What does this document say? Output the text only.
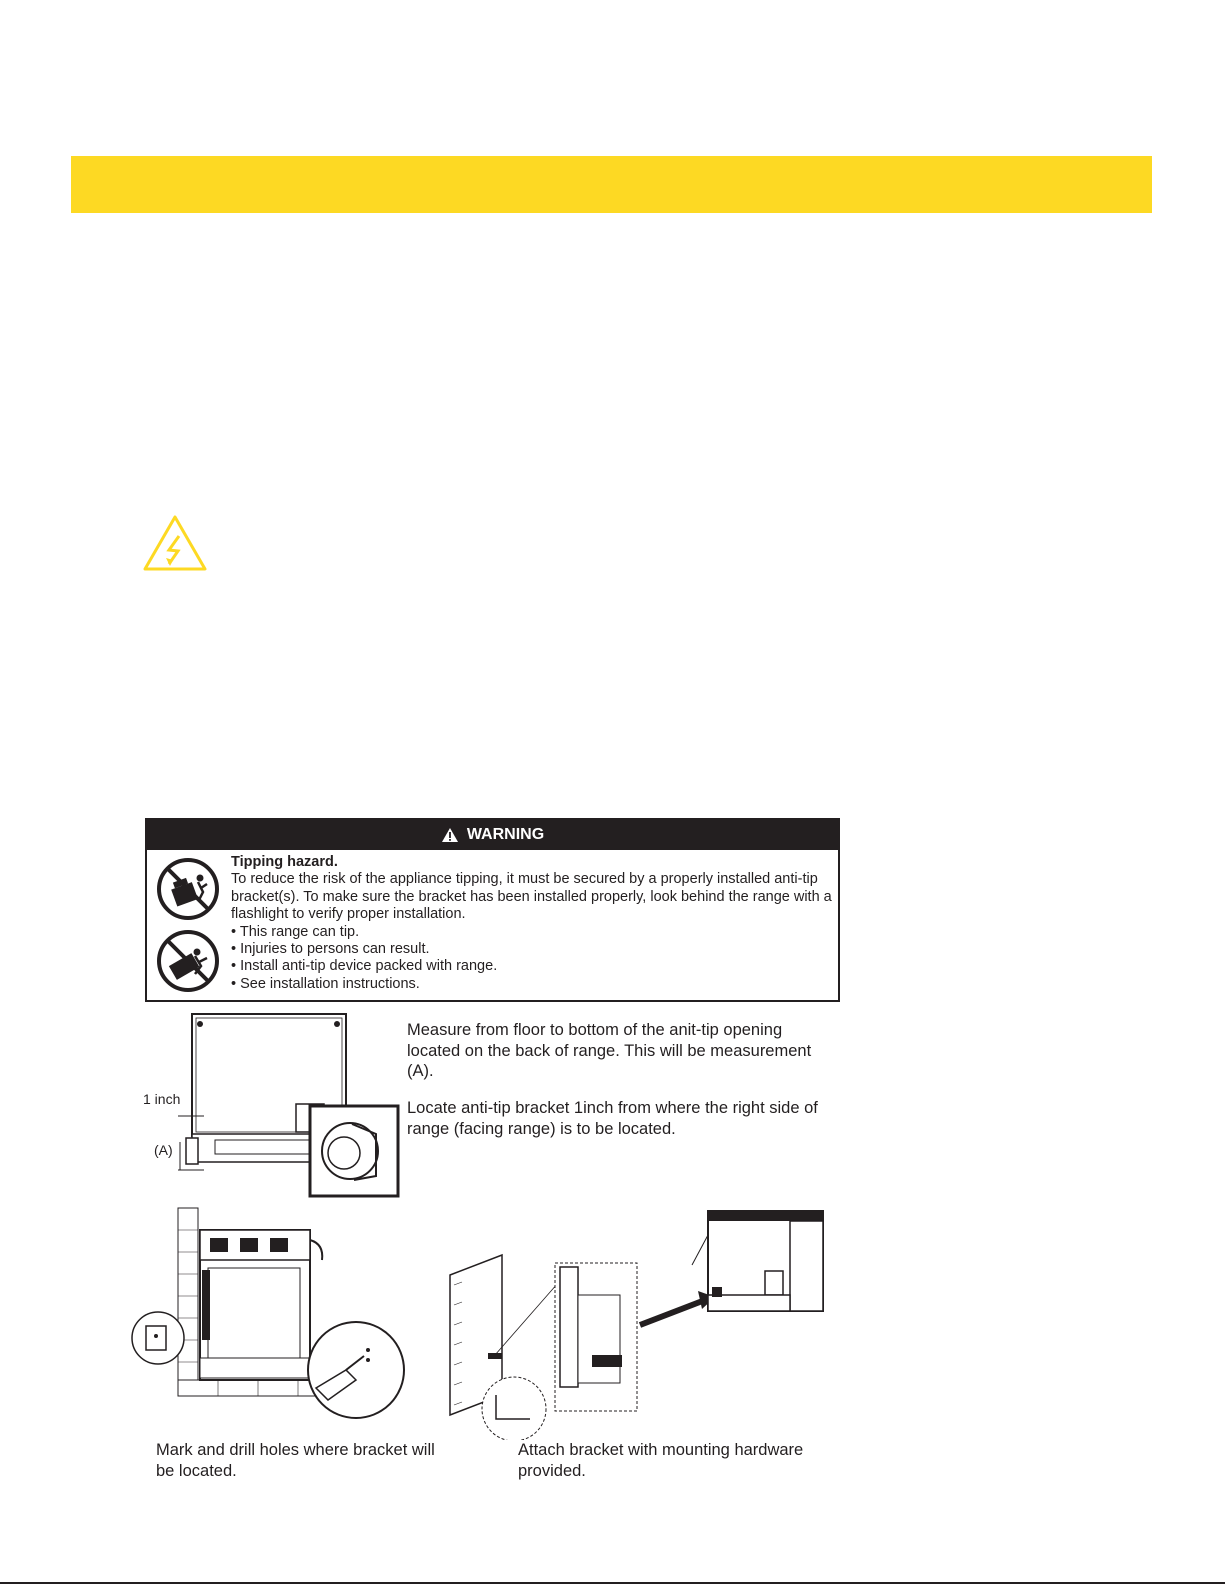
WARNING
Tipping hazard.
To reduce the risk of the appliance tipping, it must be secured by a properly installed anti-tip bracket(s). To make sure the bracket has been installed properly, look behind the range with a flashlight to verify proper installation.
• This range can tip.
• Injuries to persons can result.
• Install anti-tip device packed with range.
• See installation instructions.
1 inch
(A)
Measure from floor to bottom of the anit-tip opening located on the back of range. This will be measurement (A).
Locate anti-tip bracket 1inch from where the right side of range (facing range) is to be located.
Mark and drill holes where bracket will be located.
Attach bracket with mounting hardware provided.
